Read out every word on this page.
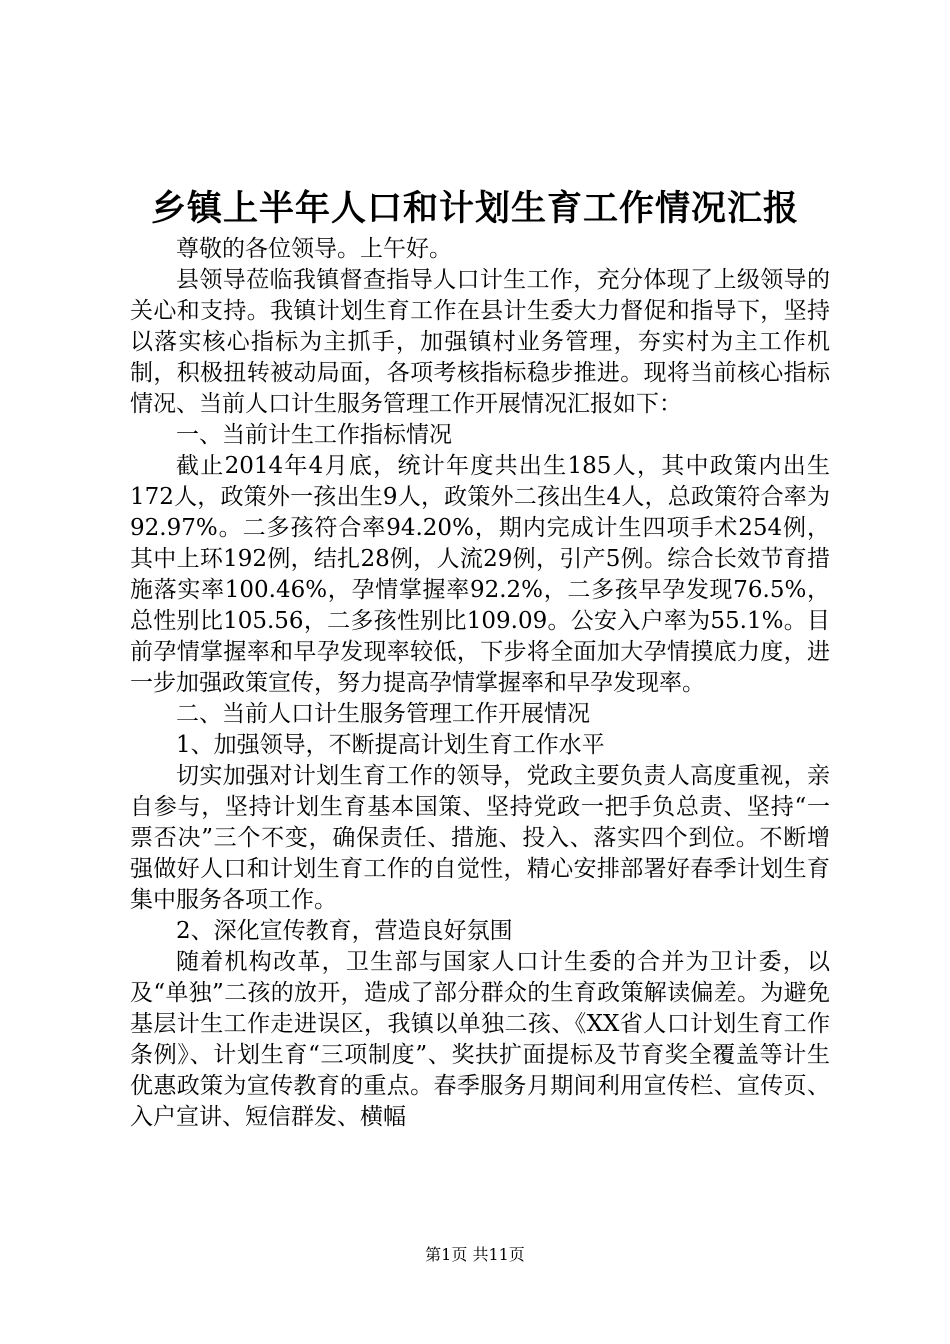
乡镇上半年人口和计划生育工作情况汇报

尊敬的各位领导。上午好。

县领导莅临我镇督查指导人口计生工作，充分体现了上级领导的关心和支持。我镇计划生育工作在县计生委大力督促和指导下，坚持以落实核心指标为主抓手，加强镇村业务管理，夯实村为主工作机制，积极扭转被动局面，各项考核指标稳步推进。现将当前核心指标情况、当前人口计生服务管理工作开展情况汇报如下：

一、当前计生工作指标情况

截止2014年4月底，统计年度共出生185人，其中政策内出生172人，政策外一孩出生9人，政策外二孩出生4人，总政策符合率为92.97%。二多孩符合率94.20%，期内完成计生四项手术254例，其中上环192例，结扎28例，人流29例，引产5例。综合长效节育措施落实率100.46%，孕情掌握率92.2%，二多孩早孕发现76.5%，总性别比105.56，二多孩性别比109.09。公安入户率为55.1%。目前孕情掌握率和早孕发现率较低，下步将全面加大孕情摸底力度，进一步加强政策宣传，努力提高孕情掌握率和早孕发现率。

二、当前人口计生服务管理工作开展情况

1、加强领导，不断提高计划生育工作水平

切实加强对计划生育工作的领导，党政主要负责人高度重视，亲自参与，坚持计划生育基本国策、坚持党政一把手负总责、坚持“一票否决”三个不变，确保责任、措施、投入、落实四个到位。不断增强做好人口和计划生育工作的自觉性，精心安排部署好春季计划生育集中服务各项工作。

2、深化宣传教育，营造良好氛围

随着机构改革，卫生部与国家人口计生委的合并为卫计委，以及“单独”二孩的放开，造成了部分群众的生育政策解读偏差。为避免基层计生工作走进误区，我镇以单独二孩、《XX省人口计划生育工作条例》、计划生育“三项制度”、奖扶扩面提标及节育奖全覆盖等计生优惠政策为宣传教育的重点。春季服务月期间利用宣传栏、宣传页、入户宣讲、短信群发、横幅

第1页 共11页
